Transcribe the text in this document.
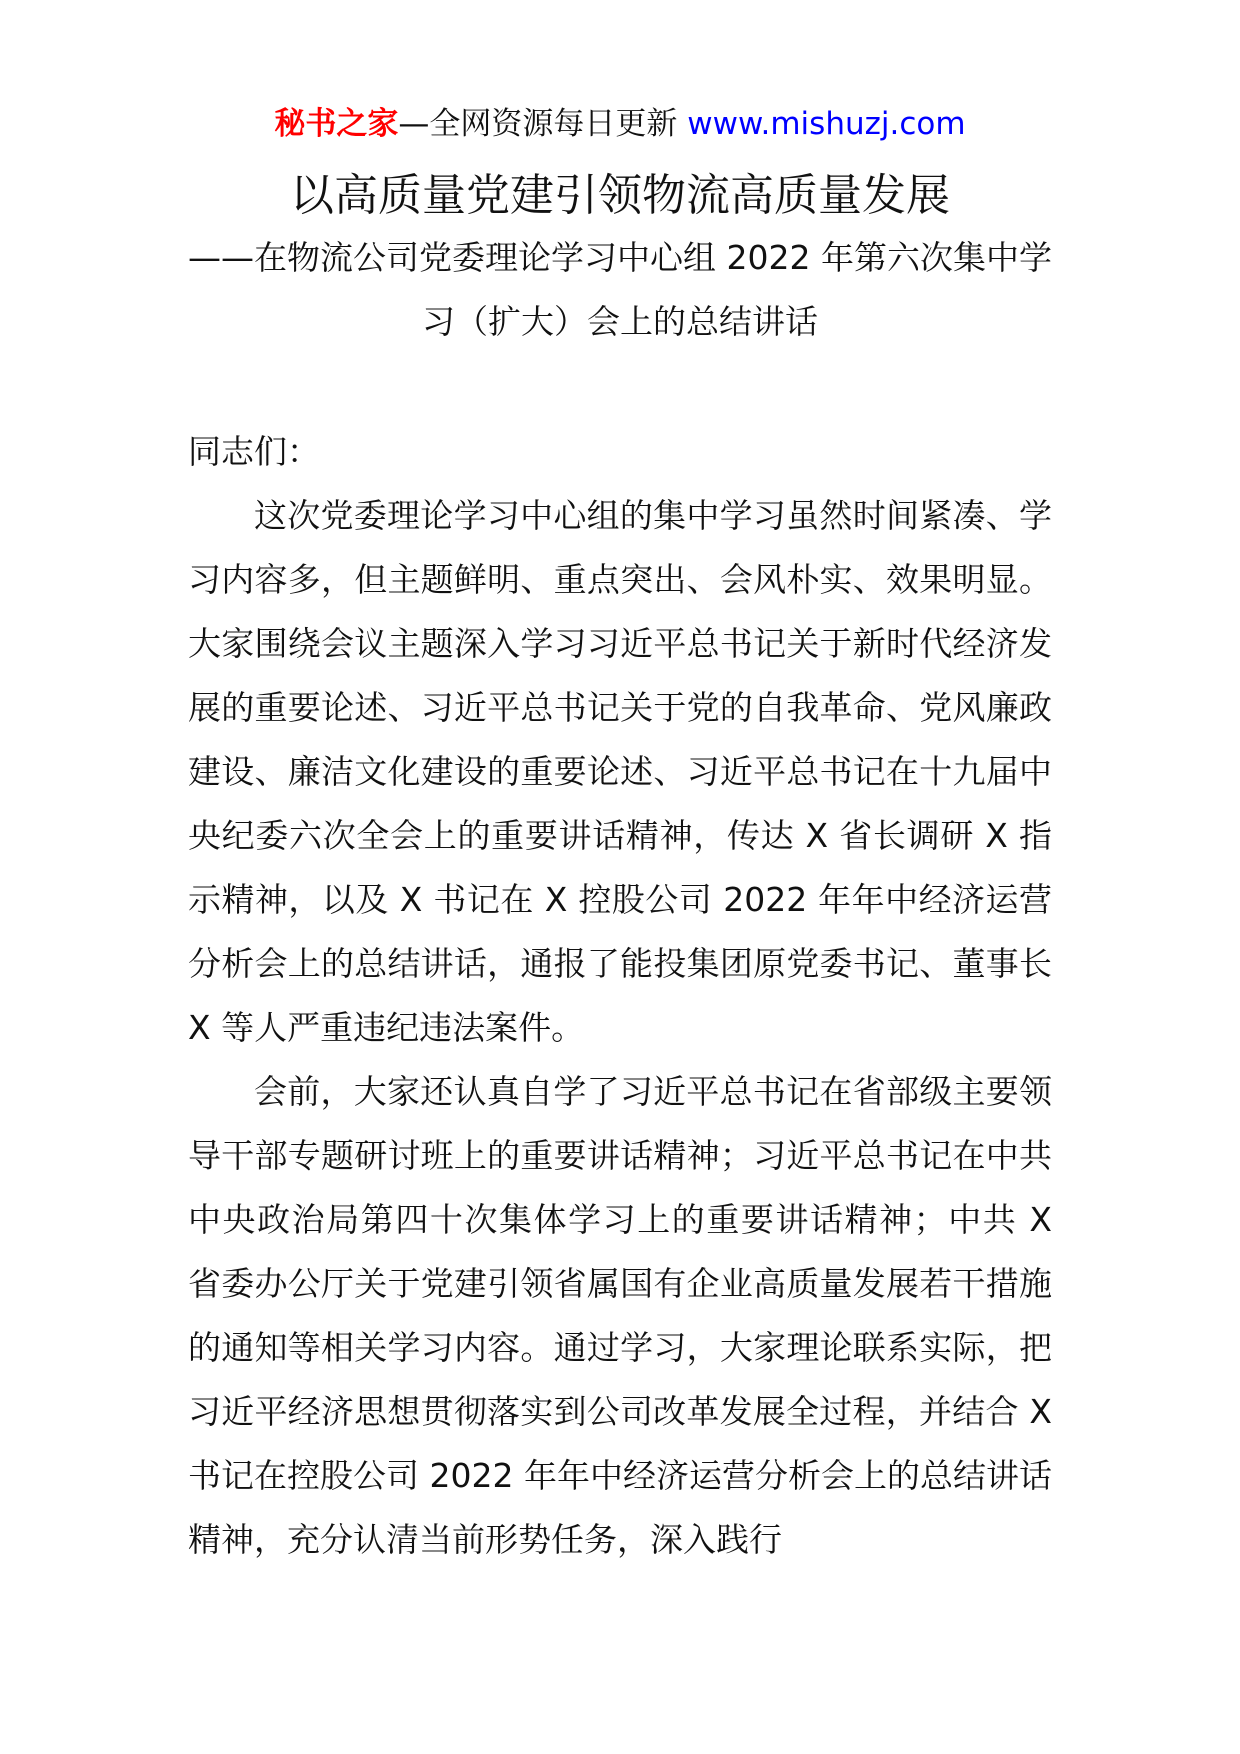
秘书之家—全网资源每日更新 www.mishuzj.com
以高质量党建引领物流高质量发展
——在物流公司党委理论学习中心组 2022 年第六次集中学习（扩大）会上的总结讲话

同志们：

这次党委理论学习中心组的集中学习虽然时间紧凑、学习内容多，但主题鲜明、重点突出、会风朴实、效果明显。大家围绕会议主题深入学习习近平总书记关于新时代经济发展的重要论述、习近平总书记关于党的自我革命、党风廉政建设、廉洁文化建设的重要论述、习近平总书记在十九届中央纪委六次全会上的重要讲话精神，传达 X 省长调研 X 指示精神，以及 X 书记在 X 控股公司 2022 年年中经济运营分析会上的总结讲话，通报了能投集团原党委书记、董事长 X 等人严重违纪违法案件。

会前，大家还认真自学了习近平总书记在省部级主要领导干部专题研讨班上的重要讲话精神；习近平总书记在中共中央政治局第四十次集体学习上的重要讲话精神；中共 X 省委办公厅关于党建引领省属国有企业高质量发展若干措施的通知等相关学习内容。通过学习，大家理论联系实际，把习近平经济思想贯彻落实到公司改革发展全过程，并结合 X 书记在控股公司 2022 年年中经济运营分析会上的总结讲话精神，充分认清当前形势任务，深入践行
